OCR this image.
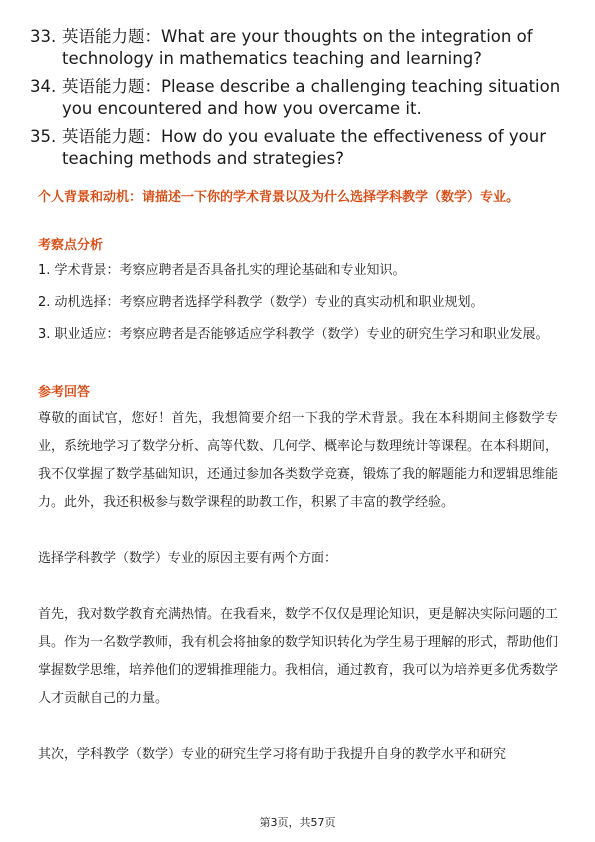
33. 英语能力题：What are your thoughts on the integration of technology in mathematics teaching and learning?
34. 英语能力题：Please describe a challenging teaching situation you encountered and how you overcame it.
35. 英语能力题：How do you evaluate the effectiveness of your teaching methods and strategies?
个人背景和动机：请描述一下你的学术背景以及为什么选择学科教学（数学）专业。
考察点分析
1. 学术背景：考察应聘者是否具备扎实的理论基础和专业知识。
2. 动机选择：考察应聘者选择学科教学（数学）专业的真实动机和职业规划。
3. 职业适应：考察应聘者是否能够适应学科教学（数学）专业的研究生学习和职业发展。
参考回答

尊敬的面试官，您好！首先，我想简要介绍一下我的学术背景。我在本科期间主修数学专业，系统地学习了数学分析、高等代数、几何学、概率论与数理统计等课程。在本科期间，我不仅掌握了数学基础知识，还通过参加各类数学竞赛，锻炼了我的解题能力和逻辑思维能力。此外，我还积极参与数学课程的助教工作，积累了丰富的教学经验。

选择学科教学（数学）专业的原因主要有两个方面：

首先，我对数学教育充满热情。在我看来，数学不仅仅是理论知识，更是解决实际问题的工具。作为一名数学教师，我有机会将抽象的数学知识转化为学生易于理解的形式，帮助他们掌握数学思维，培养他们的逻辑推理能力。我相信，通过教育，我可以为培养更多优秀数学人才贡献自己的力量。

其次，学科教学（数学）专业的研究生学习将有助于我提升自身的教学水平和研究

第3页，共57页
